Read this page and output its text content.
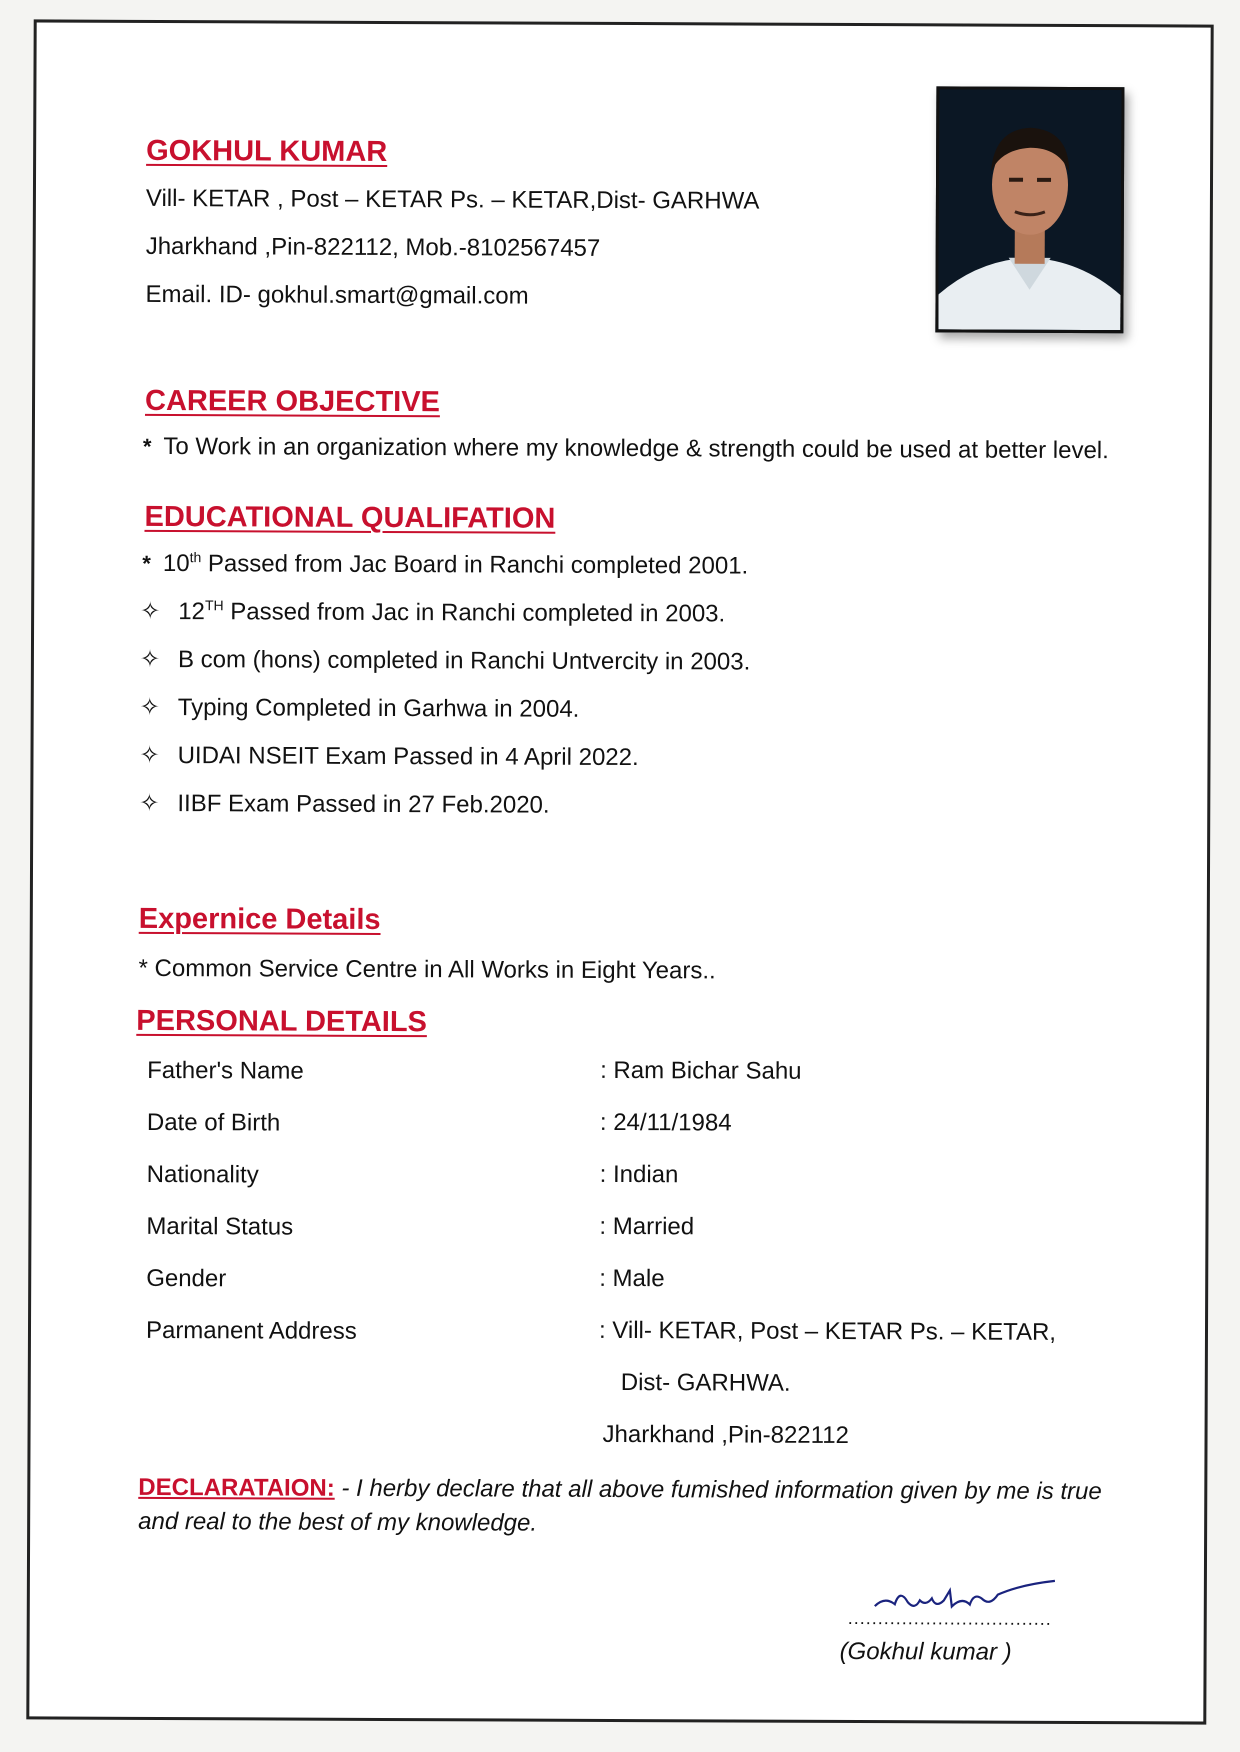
GOKHUL KUMAR
Vill- KETAR , Post – KETAR Ps. – KETAR,Dist- GARHWA
Jharkhand ,Pin-822112, Mob.-8102567457
Email. ID- gokhul.smart@gmail.com
CAREER OBJECTIVE
* To Work in an organization where my knowledge & strength could be used at better level.
EDUCATIONAL QUALIFATION
* 10th Passed from Jac Board in Ranchi completed 2001.
✧ 12TH Passed from Jac in Ranchi completed in 2003.
✧ B com (hons) completed in Ranchi Untvercity in 2003.
✧ Typing Completed in Garhwa in 2004.
✧ UIDAI NSEIT Exam Passed in 4 April 2022.
✧ IIBF Exam Passed in 27 Feb.2020.
Expernice Details
* Common Service Centre in All Works in Eight Years..
PERSONAL DETAILS
Father's Name	: Ram Bichar Sahu
Date of Birth	: 24/11/1984
Nationality	: Indian
Marital Status	: Married
Gender	: Male
Parmanent Address	: Vill- KETAR, Post – KETAR Ps. – KETAR,
Dist- GARHWA.
Jharkhand ,Pin-822112
DECLARATAION: - I herby declare that all above fumished information given by me is true
and real to the best of my knowledge.
..................................
(Gokhul kumar )
